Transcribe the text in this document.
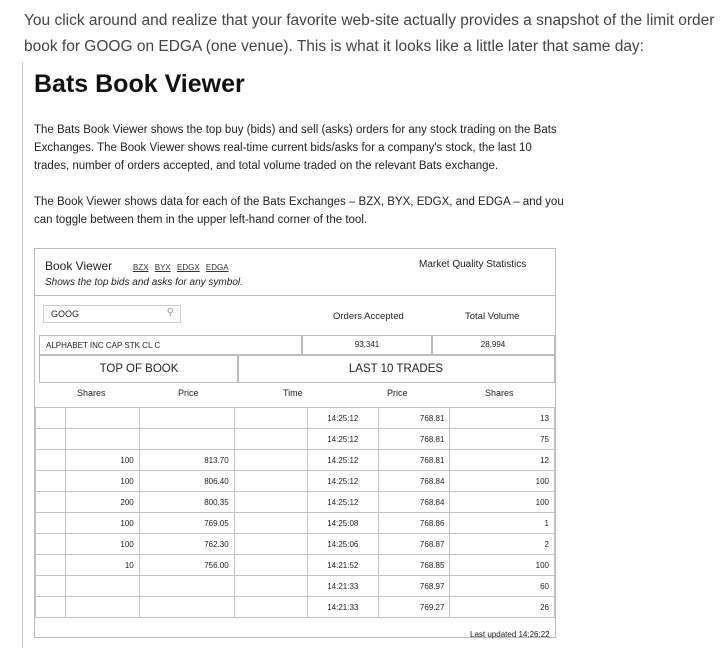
You click around and realize that your favorite web-site actually provides a snapshot of the limit order book for GOOG on EDGA (one venue). This is what it looks like a little later that same day:

Bats Book Viewer

The Bats Book Viewer shows the top buy (bids) and sell (asks) orders for any stock trading on the Bats Exchanges. The Book Viewer shows real-time current bids/asks for a company's stock, the last 10 trades, number of orders accepted, and total volume traded on the relevant Bats exchange.

The Book Viewer shows data for each of the Bats Exchanges – BZX, BYX, EDGX, and EDGA – and you can toggle between them in the upper left-hand corner of the tool.

Book Viewer	BZX BYX EDGX EDGA
Shows the top bids and asks for any symbol.
Market Quality Statistics
GOOG	⚲	Orders Accepted	Total Volume
ALPHABET INC CAP STK CL C	93,341	28,994
TOP OF BOOK	LAST 10 TRADES
Shares	Price	Time	Price	Shares
				14:25:12	768.81	13
				14:25:12	768.81	75
	100	813.70		14:25:12	768.81	12
	100	806.40		14:25:12	768.84	100
	200	800.35		14:25:12	768.84	100
	100	769.05		14:25:08	768.86	1
	100	762.30		14:25:06	768.87	2
	10	756.00		14:21:52	768.85	100
				14:21:33	768.97	60
				14:21:33	769.27	26
Last updated 14:26:22
